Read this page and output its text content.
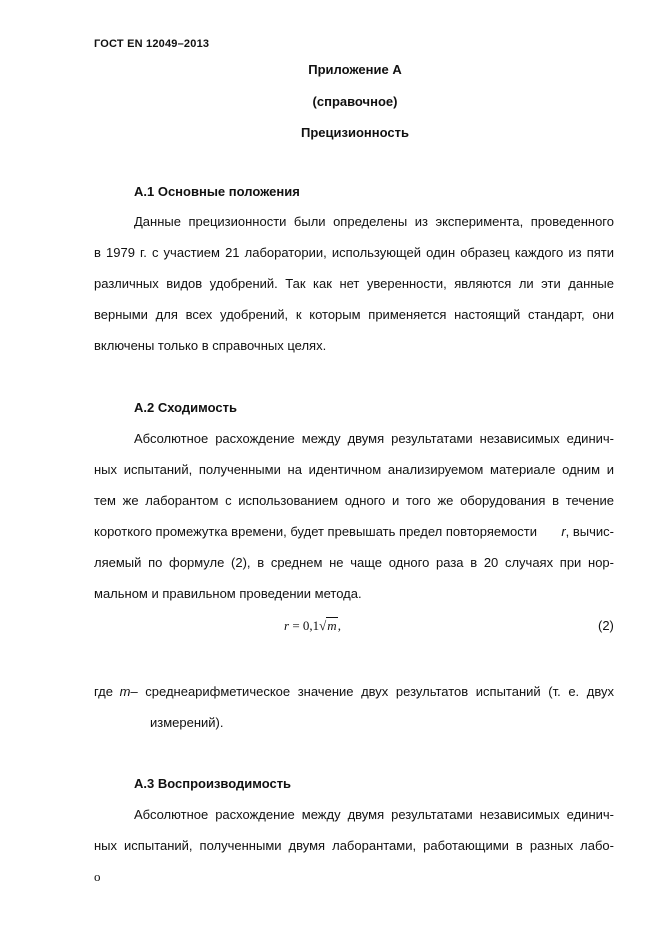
ГОСТ EN 12049–2013
Приложение А
(справочное)
Прецизионность
А.1 Основные положения
Данные прецизионности были определены из эксперимента, проведенного
в 1979 г. с участием 21 лаборатории, использующей один образец каждого из пяти
различных видов удобрений. Так как нет уверенности, являются ли эти данные
верными для всех удобрений, к которым применяется настоящий стандарт, они
включены только в справочных целях.
А.2 Сходимость
Абсолютное расхождение между двумя результатами независимых единич-
ных испытаний, полученными на идентичном анализируемом материале одним и
тем же лаборантом с использованием одного и того же оборудования в течение
короткого промежутка времени, будет превышать предел повторяемости r, вычис-
ляемый по формуле (2), в среднем не чаще одного раза в 20 случаях при нор-
мальном и правильном проведении метода.
r = 0,1√m,	(2)
где m – среднеарифметическое значение двух результатов испытаний (т. е. двух
измерений).
А.3 Воспроизводимость
Абсолютное расхождение между двумя результатами независимых единич-
ных испытаний, полученными двумя лаборантами, работающими в разных лабо-
о
